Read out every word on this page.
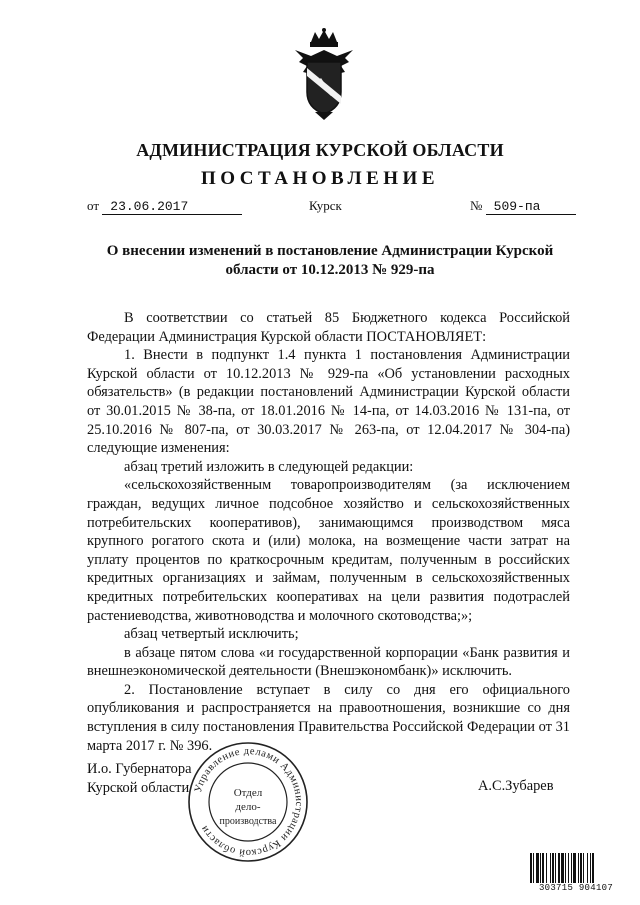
АДМИНИСТРАЦИЯ КУРСКОЙ ОБЛАСТИ
ПОСТАНОВЛЕНИЕ
от 23.06.2017	Курск	№ 509-па
О внесении изменений в постановление Администрации Курской области от 10.12.2013 № 929-па

В соответствии со статьей 85 Бюджетного кодекса Российской Федерации Администрация Курской области ПОСТАНОВЛЯЕТ:

1. Внести в подпункт 1.4 пункта 1 постановления Администрации Курской области от 10.12.2013 № 929-па «Об установлении расходных обязательств» (в редакции постановлений Администрации Курской области от 30.01.2015 № 38-па, от 18.01.2016 № 14-па, от 14.03.2016 № 131-па, от 25.10.2016 № 807-па, от 30.03.2017 № 263-па, от 12.04.2017 № 304-па) следующие изменения:

абзац третий изложить в следующей редакции:

«сельскохозяйственным товаропроизводителям (за исключением граждан, ведущих личное подсобное хозяйство и сельскохозяйственных потребительских кооперативов), занимающимся производством мяса крупного рогатого скота и (или) молока, на возмещение части затрат на уплату процентов по краткосрочным кредитам, полученным в российских кредитных организациях и займам, полученным в сельскохозяйственных кредитных потребительских кооперативах на цели развития подотраслей растениеводства, животноводства и молочного скотоводства;»;

абзац четвертый исключить;

в абзаце пятом слова «и государственной корпорации «Банк развития и внешнеэкономической деятельности (Внешэкономбанк)» исключить.

2. Постановление вступает в силу со дня его официального опубликования и распространяется на правоотношения, возникшие со дня вступления в силу постановления Правительства Российской Федерации от 31 марта 2017 г. № 396.

И.о. Губернатора
Курской области Управление делами Администрации Курской области
Отдел
дело-
производства
А.С.Зубарев
303715 904107
